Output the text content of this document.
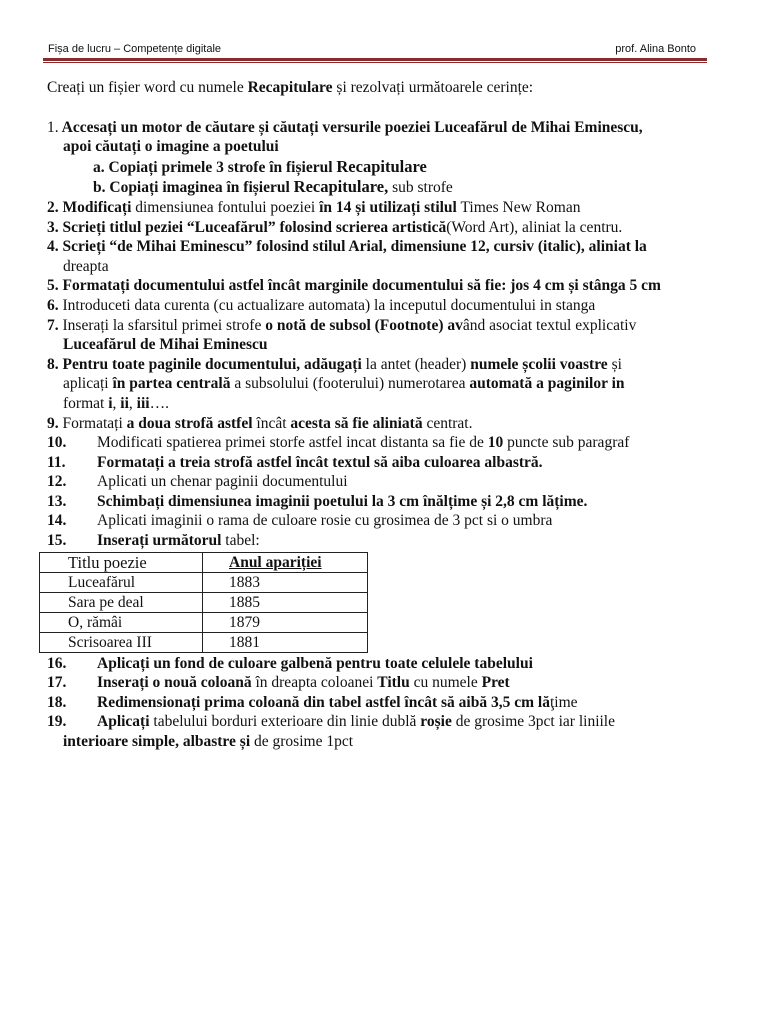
Fișa de lucru – Competențe digitale	prof. Alina Bonto
Creați un fișier word cu numele Recapitulare și rezolvați următoarele cerințe:
1. Accesați un motor de căutare și căutați versurile poeziei Luceafărul de Mihai Eminescu,
apoi căutați o imagine a poetului
a. Copiați primele 3 strofe în fișierul Recapitulare
b. Copiați imaginea în fișierul Recapitulare, sub strofe
2. Modificați dimensiunea fontului poeziei în 14 și utilizați stilul Times New Roman
3. Scrieți titlul peziei “Luceafărul” folosind scrierea artistică(Word Art), aliniat la centru.
4. Scrieți “de Mihai Eminescu” folosind stilul Arial, dimensiune 12, cursiv (italic), aliniat la
dreapta
5. Formatați documentului astfel încât marginile documentului să fie: jos 4 cm și stânga 5 cm
6. Introduceti data curenta (cu actualizare automata) la inceputul documentului in stanga
7. Inserați la sfarsitul primei strofe o notă de subsol (Footnote) având asociat textul explicativ
Luceafărul de Mihai Eminescu
8. Pentru toate paginile documentului, adăugați la antet (header) numele școlii voastre și
aplicați în partea centrală a subsolului (footerului) numerotarea automată a paginilor in
format i, ii, iii….
9. Formatați a doua strofă astfel încât acesta să fie aliniată centrat.
10. Modificati spatierea primei storfe astfel incat distanta sa fie de 10 puncte sub paragraf
11. Formatați a treia strofă astfel încât textul să aiba culoarea albastră.
12. Aplicati un chenar paginii documentului
13. Schimbați dimensiunea imaginii poetului la 3 cm înălțime și 2,8 cm lățime.
14. Aplicati imaginii o rama de culoare rosie cu grosimea de 3 pct si o umbra
15. Inserați următorul tabel:
Titlu poezie	Anul apariției
Luceafărul	1883
Sara pe deal	1885
O, rămâi	1879
Scrisoarea III	1881
16. Aplicați un fond de culoare galbenă pentru toate celulele tabelului
17. Inserați o nouă coloană în dreapta coloanei Titlu cu numele Pret
18. Redimensionați prima coloană din tabel astfel încât să aibă 3,5 cm lăţime
19. Aplicați tabelului borduri exterioare din linie dublă roșie de grosime 3pct iar liniile
interioare simple, albastre și de grosime 1pct
